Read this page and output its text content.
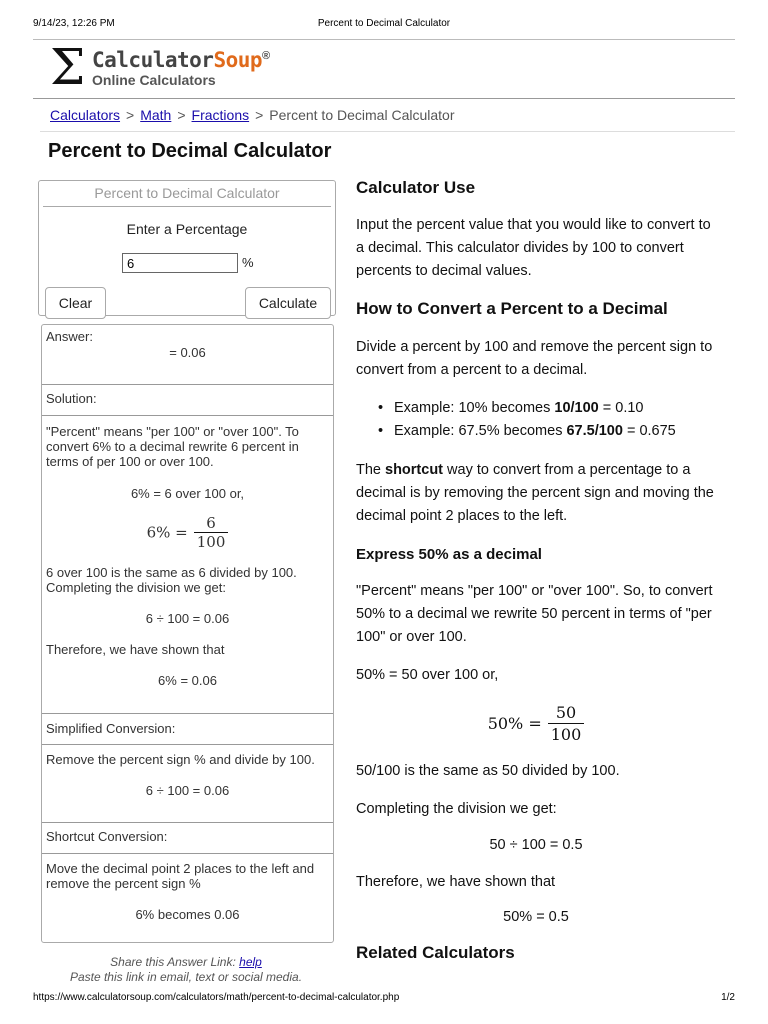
9/14/23, 12:26 PM	Percent to Decimal Calculator
Σ CalculatorSoup®
Online Calculators
Calculators > Math > Fractions > Percent to Decimal Calculator
Percent to Decimal Calculator
Percent to Decimal Calculator
Enter a Percentage
6
%
Clear	Calculate
Answer:
= 0.06
Solution:
"Percent" means "per 100" or "over 100". To convert 6% to a decimal rewrite 6 percent in terms of per 100 or over 100.
6% = 6 over 100 or,
$6\% = \frac{6}{100}$
6 over 100 is the same as 6 divided by 100. Completing the division we get:
6 ÷ 100 = 0.06
Therefore, we have shown that
6% = 0.06
Simplified Conversion:
Remove the percent sign % and divide by 100.
6 ÷ 100 = 0.06
Shortcut Conversion:
Move the decimal point 2 places to the left and remove the percent sign %
6% becomes 0.06
Share this Answer Link: help
Paste this link in email, text or social media.
Calculator Use

Input the percent value that you would like to convert to a decimal. This calculator divides by 100 to convert percents to decimal values.

How to Convert a Percent to a Decimal

Divide a percent by 100 and remove the percent sign to convert from a percent to a decimal.

• Example: 10% becomes 10/100 = 0.10
• Example: 67.5% becomes 67.5/100 = 0.675

The shortcut way to convert from a percentage to a decimal is by removing the percent sign and moving the decimal point 2 places to the left.

Express 50% as a decimal

"Percent" means "per 100" or "over 100". So, to convert 50% to a decimal we rewrite 50 percent in terms of "per 100" or over 100.

50% = 50 over 100 or,

$50\% = \frac{50}{100}$

50/100 is the same as 50 divided by 100.

Completing the division we get:

50 ÷ 100 = 0.5

Therefore, we have shown that

50% = 0.5

Related Calculators
https://www.calculatorsoup.com/calculators/math/percent-to-decimal-calculator.php	1/2
